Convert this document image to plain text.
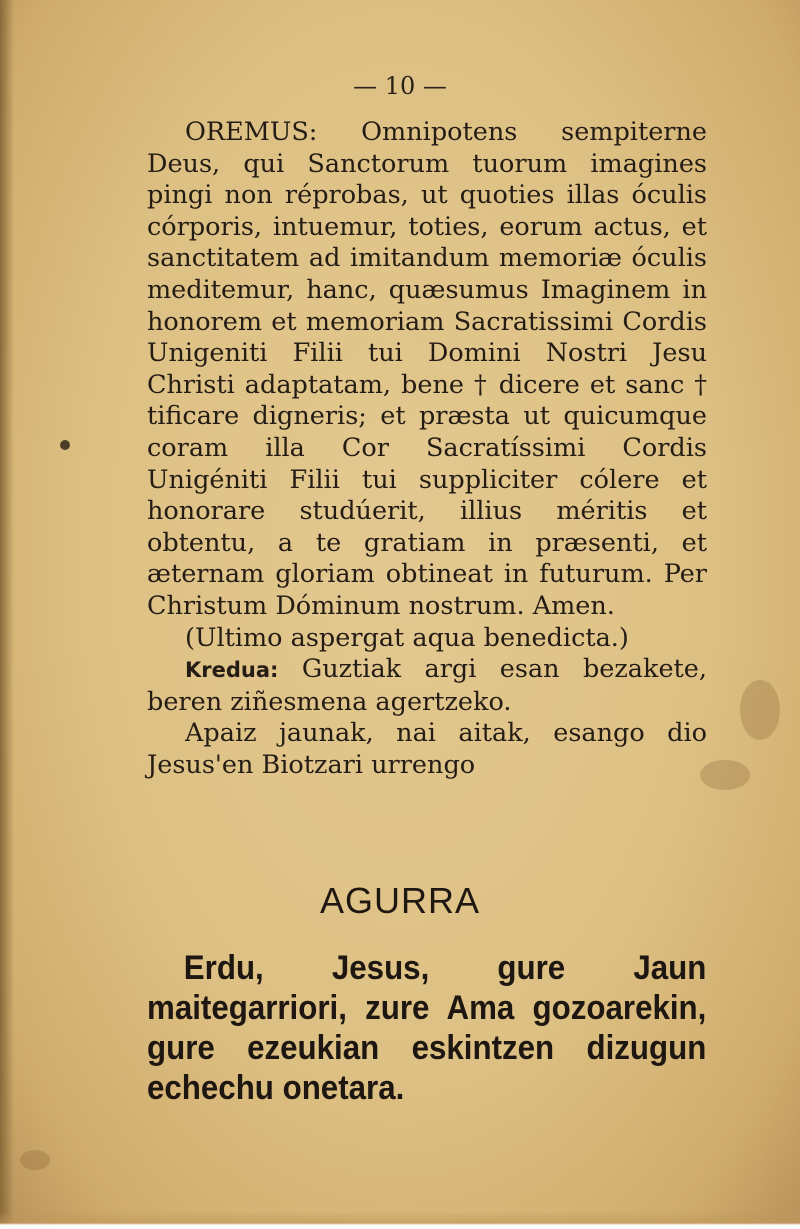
— 10 —

OREMUS: Omnipotens sempiterne Deus, qui Sanctorum tuorum imagines pingi non réprobas, ut quoties illas óculis córporis, intuemur, toties, eorum actus, et sanctitatem ad imitandum memoriæ óculis meditemur, hanc, quæsumus Imaginem in honorem et memoriam Sacratissimi Cordis Unigeniti Filii tui Domini Nostri Jesu Christi adaptatam, bene † dicere et sanc † tificare digneris; et præsta ut quicumque coram illa Cor Sacratíssimi Cordis Unigéniti Filii tui suppliciter cólere et honorare studúerit, illius méritis et obtentu, a te gratiam in præsenti, et æternam gloriam obtineat in futurum. Per Christum Dóminum nostrum. Amen.

(Ultimo aspergat aqua benedicta.)

Kredua: Guztiak argi esan bezakete, beren ziñesmena agertzeko.

Apaiz jaunak, nai aitak, esango dio Jesus'en Biotzari urrengo

AGURRA

Erdu, Jesus, gure Jaun maitegarriori, zure Ama gozoarekin, gure ezeukian eskintzen dizugun echechu onetara.
